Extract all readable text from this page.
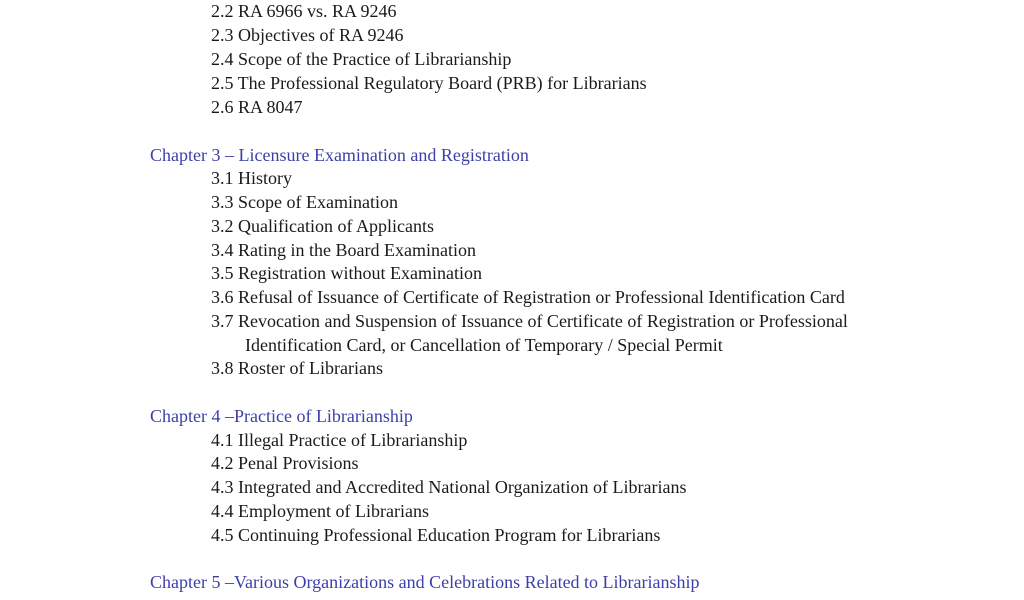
2.2 RA 6966 vs. RA 9246
2.3 Objectives of RA 9246
2.4 Scope of the Practice of Librarianship
2.5 The Professional Regulatory Board (PRB) for Librarians
2.6 RA 8047
Chapter 3 – Licensure Examination and Registration
3.1 History
3.3 Scope of Examination
3.2 Qualification of Applicants
3.4 Rating in the Board Examination
3.5 Registration without Examination
3.6 Refusal of Issuance of Certificate of Registration or Professional Identification Card
3.7 Revocation and Suspension of Issuance of Certificate of Registration or Professional
Identification Card, or Cancellation of Temporary / Special Permit
3.8 Roster of Librarians
Chapter 4 –Practice of Librarianship
4.1 Illegal Practice of Librarianship
4.2 Penal Provisions
4.3 Integrated and Accredited National Organization of Librarians
4.4 Employment of Librarians
4.5 Continuing Professional Education Program for Librarians
Chapter 5 –Various Organizations and Celebrations Related to Librarianship
